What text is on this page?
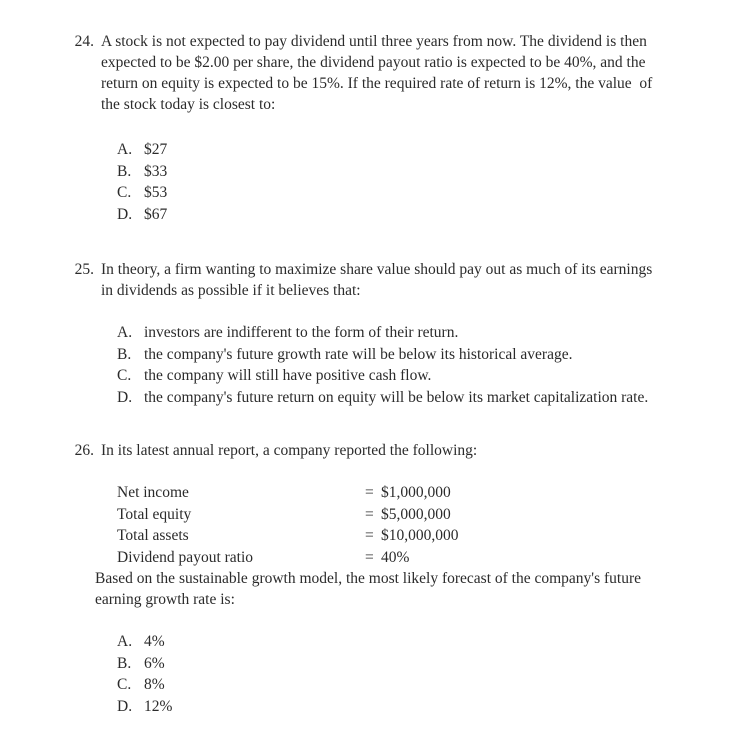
24. A stock is not expected to pay dividend until three years from now. The dividend is then
expected to be $2.00 per share, the dividend payout ratio is expected to be 40%, and the
return on equity is expected to be 15%. If the required rate of return is 12%, the value  of
the stock today is closest to:
A. $27
B. $33
C. $53
D. $67
25. In theory, a firm wanting to maximize share value should pay out as much of its earnings
in dividends as possible if it believes that:
A. investors are indifferent to the form of their return.
B. the company's future growth rate will be below its historical average.
C. the company will still have positive cash flow.
D. the company's future return on equity will be below its market capitalization rate.
26. In its latest annual report, a company reported the following:
Net income	= $1,000,000
Total equity	= $5,000,000
Total assets	= $10,000,000
Dividend payout ratio	= 40%
Based on the sustainable growth model, the most likely forecast of the company's future
earning growth rate is:
A. 4%
B. 6%
C. 8%
D. 12%
